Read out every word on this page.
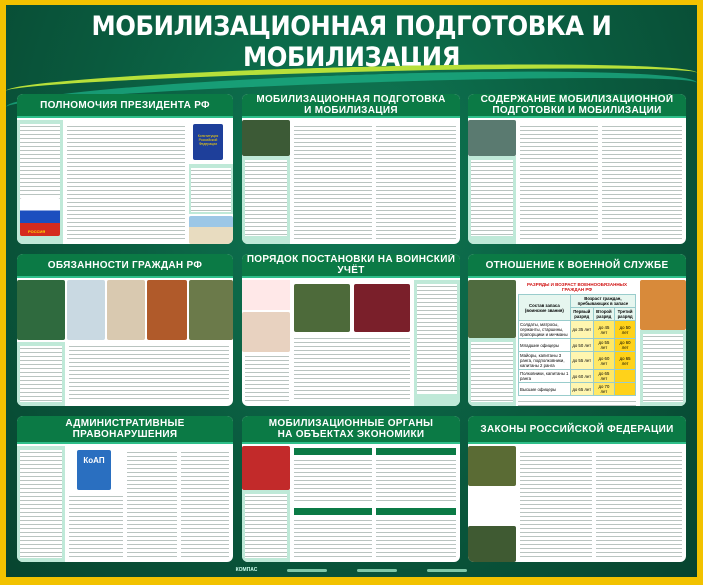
МОБИЛИЗАЦИОННАЯ ПОДГОТОВКА И МОБИЛИЗАЦИЯ
ПОЛНОМОЧИЯ ПРЕЗИДЕНТА РФ
РОССИЯ
Конституция Российской Федерации
МОБИЛИЗАЦИОННАЯ ПОДГОТОВКА
И МОБИЛИЗАЦИЯ
СОДЕРЖАНИЕ МОБИЛИЗАЦИОННОЙ
ПОДГОТОВКИ И МОБИЛИЗАЦИИ
ОБЯЗАННОСТИ ГРАЖДАН РФ	ПОРЯДОК ПОСТАНОВКИ НА ВОИНСКИЙ УЧЁТ	ОТНОШЕНИЕ К ВОЕННОЙ СЛУЖБЕ
РАЗРЯДЫ И ВОЗРАСТ ВОЕННООБЯЗАННЫХ ГРАЖДАН РФ
Состав запаса (воинские звания)	Возраст граждан, пребывающих в запасе		
	Первый разряд	Второй разряд	Третий разряд
Солдаты, матросы, сержанты, старшины, прапорщики и мичманы	до 35 лет	до 45 лет	до 50 лет
Младшие офицеры	до 50 лет	до 55 лет	до 60 лет
Майоры, капитаны 3 ранга, подполковники, капитаны 2 ранга	до 55 лет	до 60 лет	до 65 лет
Полковники, капитаны 1 ранга	до 60 лет	до 65 лет	
Высшие офицеры	до 65 лет	до 70 лет	
АДМИНИСТРАТИВНЫЕ ПРАВОНАРУШЕНИЯ
КоАП
МОБИЛИЗАЦИОННЫЕ ОРГАНЫ
НА ОБЪЕКТАХ ЭКОНОМИКИ	ЗАКОНЫ РОССИЙСКОЙ ФЕДЕРАЦИИ
КОМПАС
